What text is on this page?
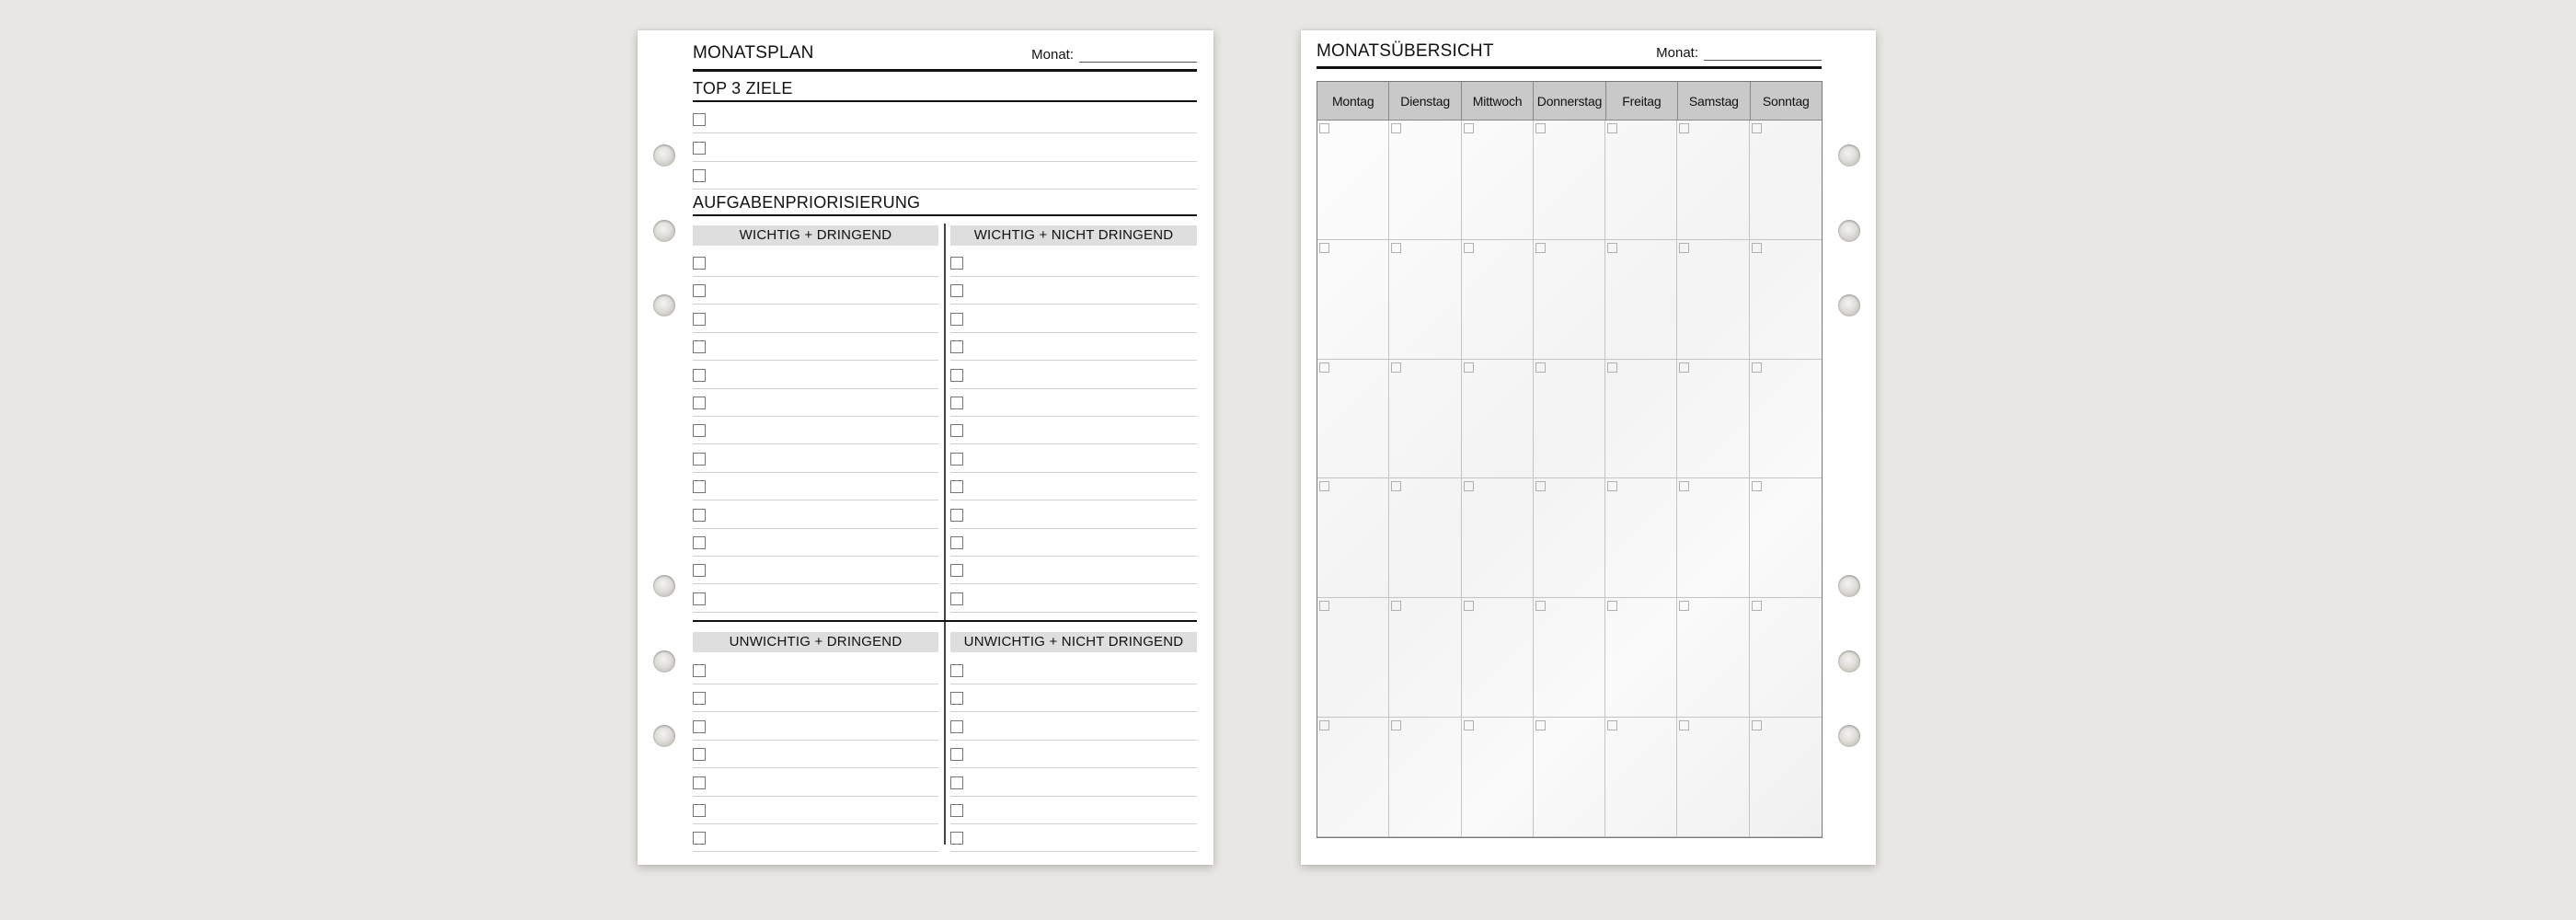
MONATSPLAN	Monat:
TOP 3 ZIELE
AUFGABENPRIORISIERUNG
WICHTIG + DRINGEND	WICHTIG + NICHT DRINGEND
UNWICHTIG + DRINGEND	UNWICHTIG + NICHT DRINGEND
MONATSÜBERSICHT	Monat:
Montag	Dienstag	Mittwoch	Donnerstag	Freitag	Samstag	Sonntag
